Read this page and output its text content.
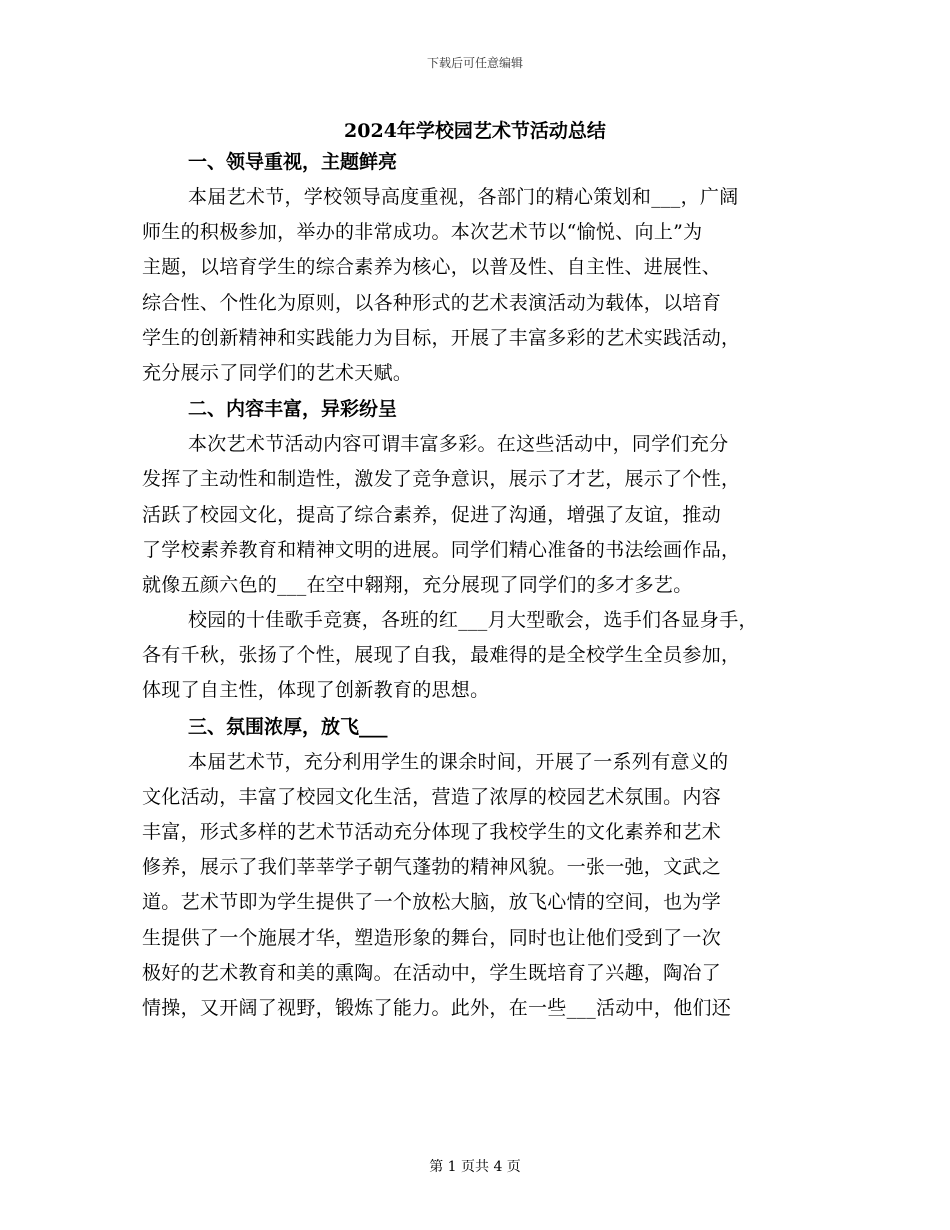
下载后可任意编辑
2024年学校园艺术节活动总结
一、领导重视，主题鲜亮

本届艺术节，学校领导高度重视，各部门的精心策划和___，广阔
师生的积极参加，举办的非常成功。本次艺术节以“愉悦、向上”为
主题，以培育学生的综合素养为核心，以普及性、自主性、进展性、
综合性、个性化为原则，以各种形式的艺术表演活动为载体，以培育
学生的创新精神和实践能力为目标，开展了丰富多彩的艺术实践活动，
充分展示了同学们的艺术天赋。

二、内容丰富，异彩纷呈

本次艺术节活动内容可谓丰富多彩。在这些活动中，同学们充分
发挥了主动性和制造性，激发了竞争意识，展示了才艺，展示了个性，
活跃了校园文化，提高了综合素养，促进了沟通，增强了友谊，推动
了学校素养教育和精神文明的进展。同学们精心准备的书法绘画作品，
就像五颜六色的___在空中翱翔，充分展现了同学们的多才多艺。

校园的十佳歌手竞赛，各班的红___月大型歌会，选手们各显身手，
各有千秋，张扬了个性，展现了自我，最难得的是全校学生全员参加，
体现了自主性，体现了创新教育的思想。

三、氛围浓厚，放飞___

本届艺术节，充分利用学生的课余时间，开展了一系列有意义的
文化活动，丰富了校园文化生活，营造了浓厚的校园艺术氛围。内容
丰富，形式多样的艺术节活动充分体现了我校学生的文化素养和艺术
修养，展示了我们莘莘学子朝气蓬勃的精神风貌。一张一弛，文武之
道。艺术节即为学生提供了一个放松大脑，放飞心情的空间，也为学
生提供了一个施展才华，塑造形象的舞台，同时也让他们受到了一次
极好的艺术教育和美的熏陶。在活动中，学生既培育了兴趣，陶冶了
情操，又开阔了视野，锻炼了能力。此外，在一些___活动中，他们还

第 1 页共 4 页
